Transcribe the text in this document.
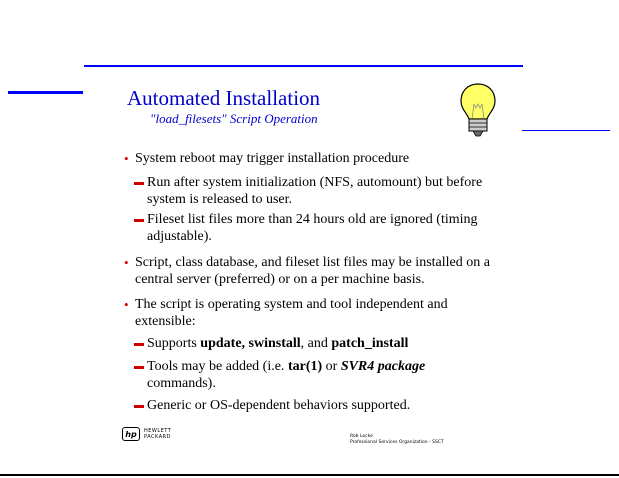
Automated Installation
"load_filesets" Script Operation
• System reboot may trigger installation procedure
Run after system initialization (NFS, automount) but before
system is released to user.
Fileset list files more than 24 hours old are ignored (timing
adjustable).
• Script, class database, and fileset list files may be installed on a
central server (preferred) or on a per machine basis.
• The script is operating system and tool independent and
extensible:
Supports update, swinstall, and patch_install
Tools may be added (i.e. tar(1) or SVR4 package
commands).
Generic or OS-dependent behaviors supported.
hp	HEWLETT
PACKARD	Rob Locke
Professional Services Organization - SSCT
